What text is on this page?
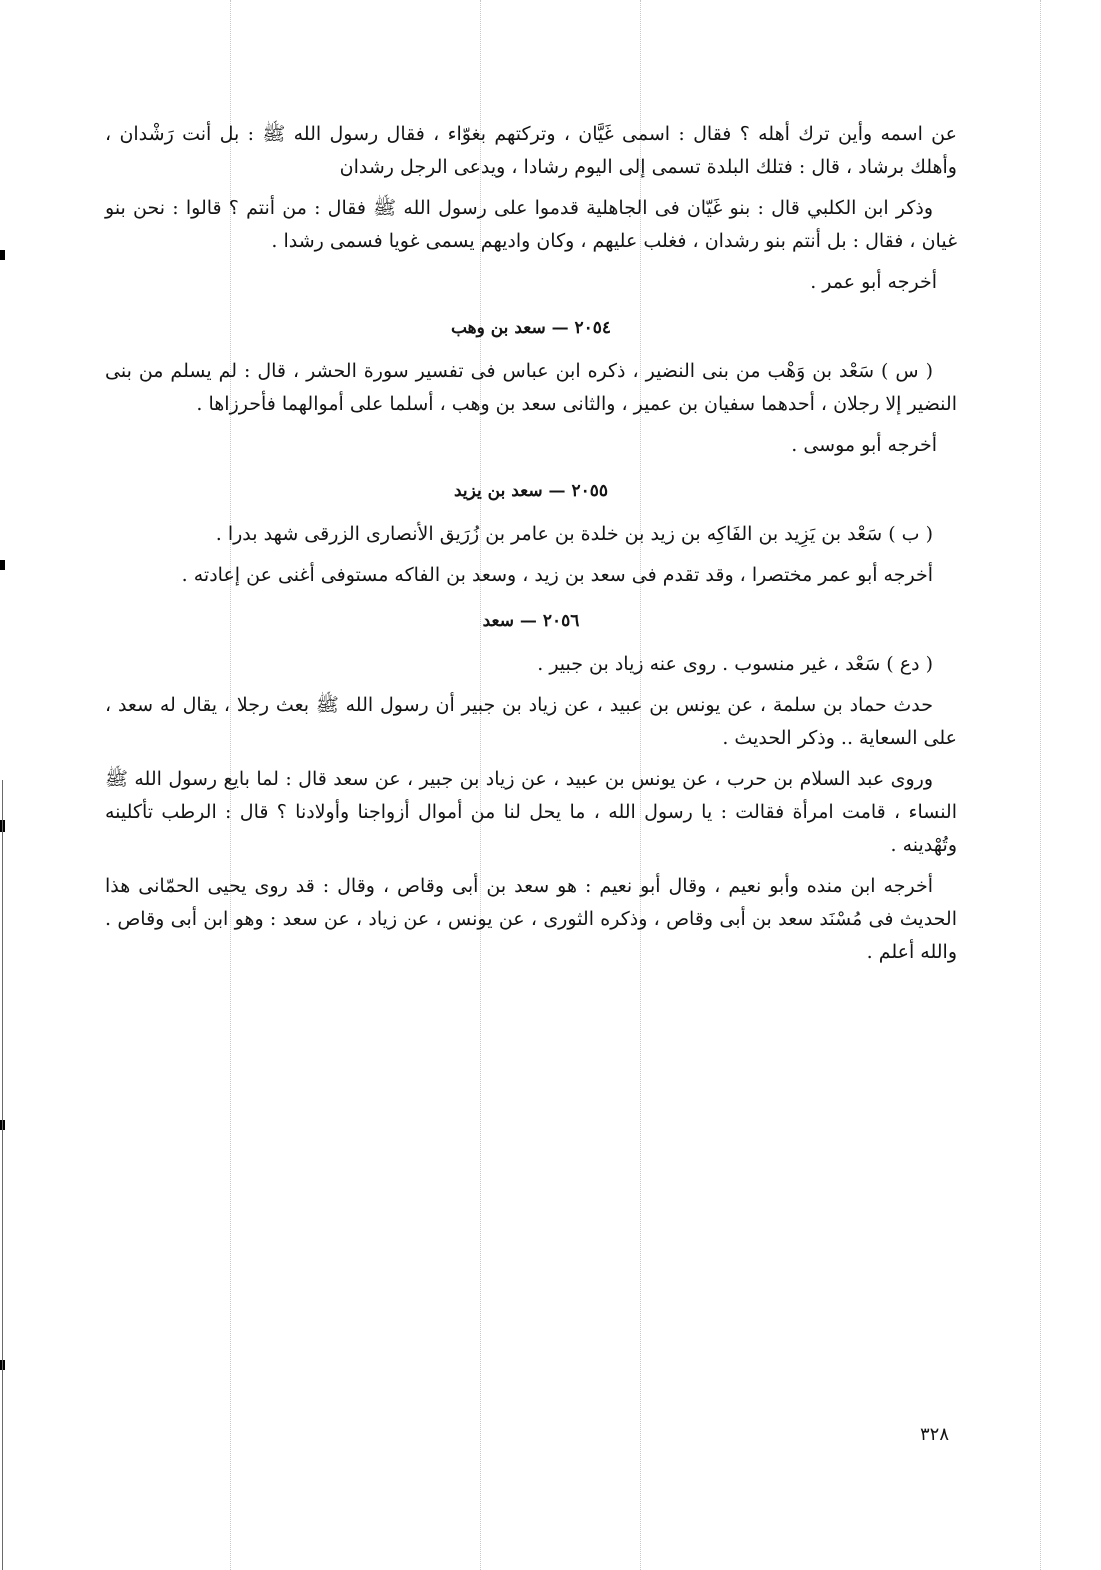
عن اسمه وأين ترك أهله ؟ فقال : اسمى غَيَّان ، وتركتهم بغوّاء ، فقال رسول الله ﷺ : بل أنت رَشْدان ، وأهلك برشاد ، قال : فتلك البلدة تسمى إلى اليوم رشادا ، ويدعى الرجل رشدان

وذكر ابن الكلبي قال : بنو غَيّان فى الجاهلية قدموا على رسول الله ﷺ فقال : من أنتم ؟ قالوا : نحن بنو غيان ، فقال : بل أنتم بنو رشدان ، فغلب عليهم ، وكان واديهم يسمى غويا فسمى رشدا .

أخرجه أبو عمر .

٢٠٥٤ — سعد بن وهب

( س ) سَعْد بن وَهْب من بنى النضير ، ذكره ابن عباس فى تفسير سورة الحشر ، قال : لم يسلم من بنى النضير إلا رجلان ، أحدهما سفيان بن عمير ، والثانى سعد بن وهب ، أسلما على أموالهما فأحرزاها .

أخرجه أبو موسى .

٢٠٥٥ — سعد بن يزيد

( ب ) سَعْد بن يَزِيد بن الفَاكِه بن زيد بن خلدة بن عامر بن زُرَيق الأنصارى الزرقى شهد بدرا .

أخرجه أبو عمر مختصرا ، وقد تقدم فى سعد بن زيد ، وسعد بن الفاكه مستوفى أغنى عن إعادته .

٢٠٥٦ — سعد

( دع ) سَعْد ، غير منسوب . روى عنه زياد بن جبير .

حدث حماد بن سلمة ، عن يونس بن عبيد ، عن زياد بن جبير أن رسول الله ﷺ بعث رجلا ، يقال له سعد ، على السعاية .. وذكر الحديث .

وروى عبد السلام بن حرب ، عن يونس بن عبيد ، عن زياد بن جبير ، عن سعد قال : لما بايع رسول الله ﷺ النساء ، قامت امرأة فقالت : يا رسول الله ، ما يحل لنا من أموال أزواجنا وأولادنا ؟ قال : الرطب تأكلينه وتُهْدينه .

أخرجه ابن منده وأبو نعيم ، وقال أبو نعيم : هو سعد بن أبى وقاص ، وقال : قد روى يحيى الحمّانى هذا الحديث فى مُسْنَد سعد بن أبى وقاص ، وذكره الثورى ، عن يونس ، عن زياد ، عن سعد : وهو ابن أبى وقاص . والله أعلم .

٣٢٨
